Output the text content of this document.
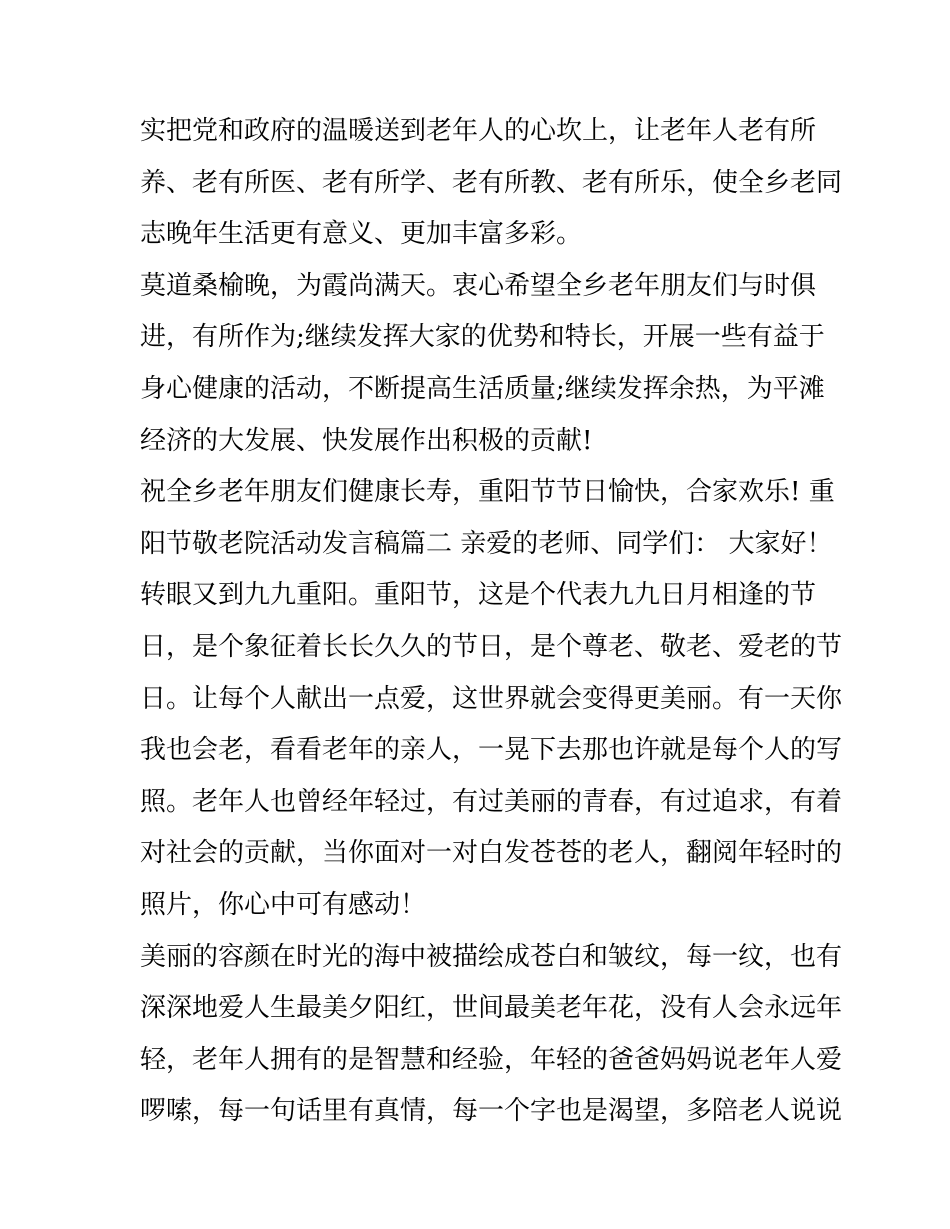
实把党和政府的温暖送到老年人的心坎上，让老年人老有所
养、老有所医、老有所学、老有所教、老有所乐，使全乡老同
志晚年生活更有意义、更加丰富多彩。
莫道桑榆晚，为霞尚满天。衷心希望全乡老年朋友们与时俱
进，有所作为;继续发挥大家的优势和特长，开展一些有益于
身心健康的活动，不断提高生活质量;继续发挥余热，为平滩
经济的大发展、快发展作出积极的贡献!
祝全乡老年朋友们健康长寿，重阳节节日愉快，合家欢乐! 重
阳节敬老院活动发言稿篇二 亲爱的老师、同学们： 大家好！
转眼又到九九重阳。重阳节，这是个代表九九日月相逢的节
日，是个象征着长长久久的节日，是个尊老、敬老、爱老的节
日。让每个人献出一点爱，这世界就会变得更美丽。有一天你
我也会老，看看老年的亲人，一晃下去那也许就是每个人的写
照。老年人也曾经年轻过，有过美丽的青春，有过追求，有着
对社会的贡献，当你面对一对白发苍苍的老人，翻阅年轻时的
照片，你心中可有感动！
美丽的容颜在时光的海中被描绘成苍白和皱纹，每一纹，也有
深深地爱人生最美夕阳红，世间最美老年花，没有人会永远年
轻，老年人拥有的是智慧和经验，年轻的爸爸妈妈说老年人爱
啰嗦，每一句话里有真情，每一个字也是渴望，多陪老人说说
